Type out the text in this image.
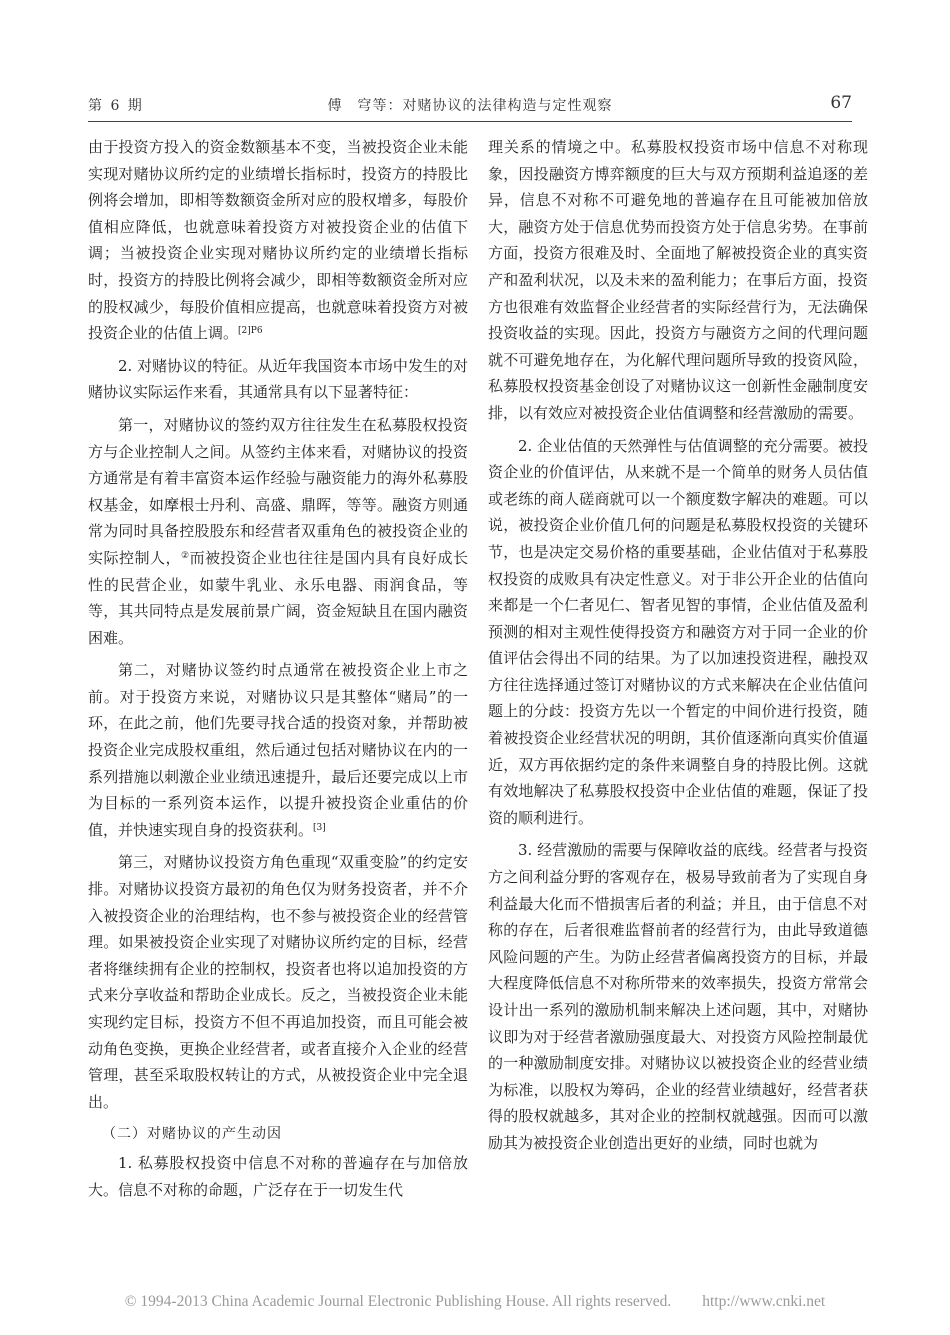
第 6 期	傅　穹等：对赌协议的法律构造与定性观察	67

由于投资方投入的资金数额基本不变，当被投资企业未能实现对赌协议所约定的业绩增长指标时，投资方的持股比例将会增加，即相等数额资金所对应的股权增多，每股价值相应降低，也就意味着投资方对被投资企业的估值下调；当被投资企业实现对赌协议所约定的业绩增长指标时，投资方的持股比例将会减少，即相等数额资金所对应的股权减少，每股价值相应提高，也就意味着投资方对被投资企业的估值上调。$^{[2]P6}$

2. 对赌协议的特征。从近年我国资本市场中发生的对赌协议实际运作来看，其通常具有以下显著特征：

第一，对赌协议的签约双方往往发生在私募股权投资方与企业控制人之间。从签约主体来看，对赌协议的投资方通常是有着丰富资本运作经验与融资能力的海外私募股权基金，如摩根士丹利、高盛、鼎晖，等等。融资方则通常为同时具备控股股东和经营者双重角色的被投资企业的实际控制人，②而被投资企业也往往是国内具有良好成长性的民营企业，如蒙牛乳业、永乐电器、雨润食品，等等，其共同特点是发展前景广阔，资金短缺且在国内融资困难。

第二，对赌协议签约时点通常在被投资企业上市之前。对于投资方来说，对赌协议只是其整体“赌局”的一环，在此之前，他们先要寻找合适的投资对象，并帮助被投资企业完成股权重组，然后通过包括对赌协议在内的一系列措施以刺激企业业绩迅速提升，最后还要完成以上市为目标的一系列资本运作，以提升被投资企业重估的价值，并快速实现自身的投资获利。[3]

第三，对赌协议投资方角色重现“双重变脸”的约定安排。对赌协议投资方最初的角色仅为财务投资者，并不介入被投资企业的治理结构，也不参与被投资企业的经营管理。如果被投资企业实现了对赌协议所约定的目标，经营者将继续拥有企业的控制权，投资者也将以追加投资的方式来分享收益和帮助企业成长。反之，当被投资企业未能实现约定目标，投资方不但不再追加投资，而且可能会被动角色变换，更换企业经营者，或者直接介入企业的经营管理，甚至采取股权转让的方式，从被投资企业中完全退出。

（二）对赌协议的产生动因

1. 私募股权投资中信息不对称的普遍存在与加倍放大。信息不对称的命题，广泛存在于一切发生代

理关系的情境之中。私募股权投资市场中信息不对称现象，因投融资方博弈额度的巨大与双方预期利益追逐的差异，信息不对称不可避免地的普遍存在且可能被加倍放大，融资方处于信息优势而投资方处于信息劣势。在事前方面，投资方很难及时、全面地了解被投资企业的真实资产和盈利状况，以及未来的盈利能力；在事后方面，投资方也很难有效监督企业经营者的实际经营行为，无法确保投资收益的实现。因此，投资方与融资方之间的代理问题就不可避免地存在，为化解代理问题所导致的投资风险，私募股权投资基金创设了对赌协议这一创新性金融制度安排，以有效应对被投资企业估值调整和经营激励的需要。

2. 企业估值的天然弹性与估值调整的充分需要。被投资企业的价值评估，从来就不是一个简单的财务人员估值或老练的商人磋商就可以一个额度数字解决的难题。可以说，被投资企业价值几何的问题是私募股权投资的关键环节，也是决定交易价格的重要基础，企业估值对于私募股权投资的成败具有决定性意义。对于非公开企业的估值向来都是一个仁者见仁、智者见智的事情，企业估值及盈利预测的相对主观性使得投资方和融资方对于同一企业的价值评估会得出不同的结果。为了以加速投资进程，融投双方往往选择通过签订对赌协议的方式来解决在企业估值问题上的分歧：投资方先以一个暂定的中间价进行投资，随着被投资企业经营状况的明朗，其价值逐渐向真实价值逼近，双方再依据约定的条件来调整自身的持股比例。这就有效地解决了私募股权投资中企业估值的难题，保证了投资的顺利进行。

3. 经营激励的需要与保障收益的底线。经营者与投资方之间利益分野的客观存在，极易导致前者为了实现自身利益最大化而不惜损害后者的利益；并且，由于信息不对称的存在，后者很难监督前者的经营行为，由此导致道德风险问题的产生。为防止经营者偏离投资方的目标，并最大程度降低信息不对称所带来的效率损失，投资方常常会设计出一系列的激励机制来解决上述问题，其中，对赌协议即为对于经营者激励强度最大、对投资方风险控制最优的一种激励制度安排。对赌协议以被投资企业的经营业绩为标准，以股权为筹码，企业的经营业绩越好，经营者获得的股权就越多，其对企业的控制权就越强。因而可以激励其为被投资企业创造出更好的业绩，同时也就为

© 1994-2013 China Academic Journal Electronic Publishing House. All rights reserved.　　http://www.cnki.net
